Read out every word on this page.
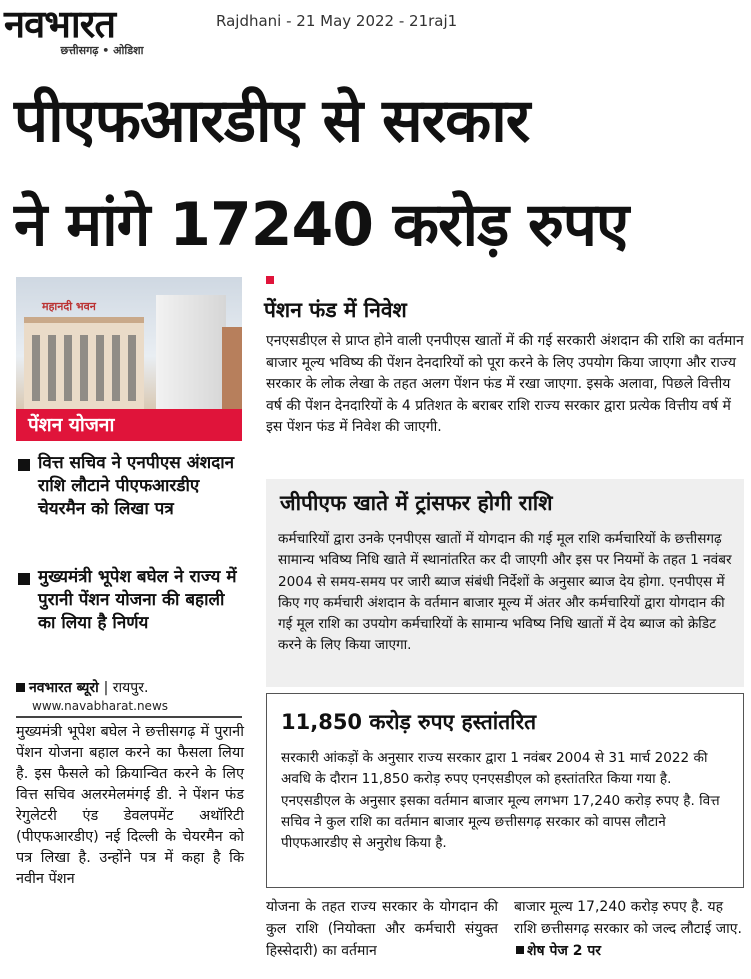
नवभारत
छत्तीसगढ़ • ओडिशा
Rajdhani - 21 May 2022 - 21raj1
पीएफआरडीए से सरकार
ने मांगे 17240 करोड़ रुपए
महानदी भवन
पेंशन योजना
वित्त सचिव ने एनपीएस अंशदान राशि लौटाने पीएफआरडीए चेयरमैन को लिखा पत्र
मुख्यमंत्री भूपेश बघेल ने राज्य में पुरानी पेंशन योजना की बहाली का लिया है निर्णय
नवभारत ब्यूरो | रायपुर.
www.navabharat.news
मुख्यमंत्री भूपेश बघेल ने छत्तीसगढ़ में पुरानी पेंशन योजना बहाल करने का फैसला लिया है. इस फैसले को क्रियान्वित करने के लिए वित्त सचिव अलरमेलमंगई डी. ने पेंशन फंड रेगुलेटरी एंड डेवलपमेंट अथॉरिटी (पीएफआरडीए) नई दिल्ली के चेयरमैन को पत्र लिखा है. उन्होंने पत्र में कहा है कि नवीन पेंशन
पेंशन फंड में निवेश
एनएसडीएल से प्राप्त होने वाली एनपीएस खातों में की गई सरकारी अंशदान की राशि का वर्तमान बाजार मूल्य भविष्य की पेंशन देनदारियों को पूरा करने के लिए उपयोग किया जाएगा और राज्य सरकार के लोक लेखा के तहत अलग पेंशन फंड में रखा जाएगा. इसके अलावा, पिछले वित्तीय वर्ष की पेंशन देनदारियों के 4 प्रतिशत के बराबर राशि राज्य सरकार द्वारा प्रत्येक वित्तीय वर्ष में इस पेंशन फंड में निवेश की जाएगी.
जीपीएफ खाते में ट्रांसफर होगी राशि
कर्मचारियों द्वारा उनके एनपीएस खातों में योगदान की गई मूल राशि कर्मचारियों के छत्तीसगढ़ सामान्य भविष्य निधि खाते में स्थानांतरित कर दी जाएगी और इस पर नियमों के तहत 1 नवंबर 2004 से समय-समय पर जारी ब्याज संबंधी निर्देशों के अनुसार ब्याज देय होगा. एनपीएस में किए गए कर्मचारी अंशदान के वर्तमान बाजार मूल्य में अंतर और कर्मचारियों द्वारा योगदान की गई मूल राशि का उपयोग कर्मचारियों के सामान्य भविष्य निधि खातों में देय ब्याज को क्रेडिट करने के लिए किया जाएगा.
11,850 करोड़ रुपए हस्तांतरित
सरकारी आंकड़ों के अनुसार राज्य सरकार द्वारा 1 नवंबर 2004 से 31 मार्च 2022 की अवधि के दौरान 11,850 करोड़ रुपए एनएसडीएल को हस्तांतरित किया गया है. एनएसडीएल के अनुसार इसका वर्तमान बाजार मूल्य लगभग 17,240 करोड़ रुपए है. वित्त सचिव ने कुल राशि का वर्तमान बाजार मूल्य छत्तीसगढ़ सरकार को वापस लौटाने पीएफआरडीए से अनुरोध किया है.
योजना के तहत राज्य सरकार के योगदान की कुल राशि (नियोक्ता और कर्मचारी संयुक्त हिस्सेदारी) का वर्तमान
बाजार मूल्य 17,240 करोड़ रुपए है. यह राशि छत्तीसगढ़ सरकार को जल्द लौटाई जाए.शेष पेज 2 पर
